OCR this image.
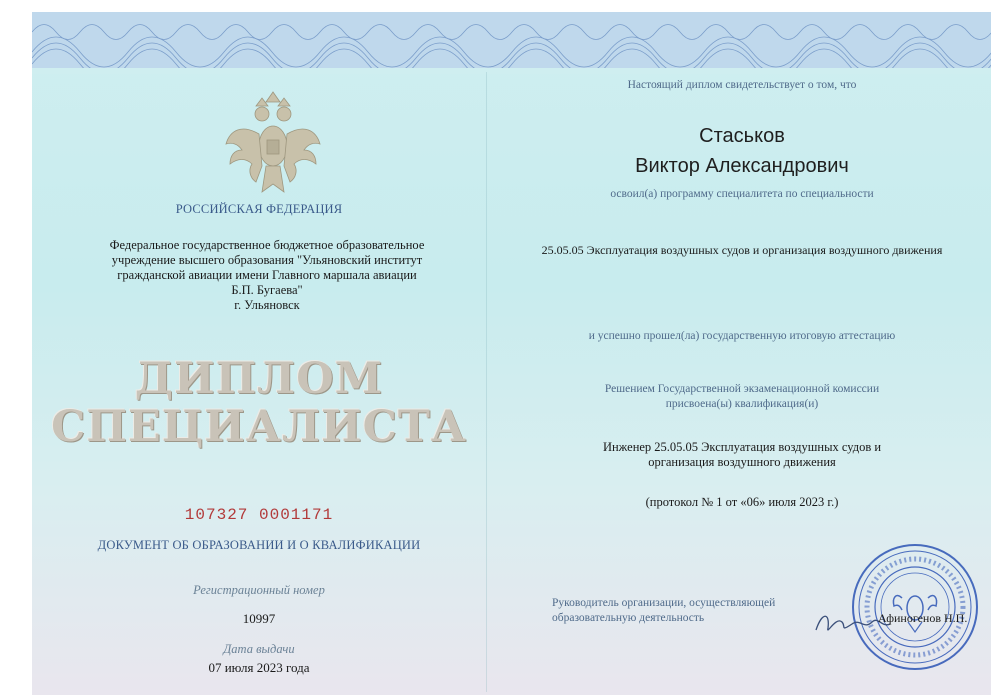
РОССИЙСКАЯ ФЕДЕРАЦИЯ
Федеральное государственное бюджетное образовательное
учреждение высшего образования "Ульяновский институт
гражданской авиации имени Главного маршала авиации
Б.П. Бугаева"
г. Ульяновск
ДИПЛОМ
СПЕЦИАЛИСТА
107327 0001171
ДОКУМЕНТ ОБ ОБРАЗОВАНИИ И О КВАЛИФИКАЦИИ
Регистрационный номер
10997
Дата выдачи
07 июля 2023 года
Настоящий диплом свидетельствует о том, что
Стаськов
Виктор Александрович
освоил(а) программу специалитета по специальности
25.05.05 Эксплуатация воздушных судов и организация воздушного движения
и успешно прошел(ла) государственную итоговую аттестацию
Решением Государственной экзаменационной комиссии
присвоена(ы) квалификация(и)
Инженер 25.05.05 Эксплуатация воздушных судов и
организация воздушного движения
(протокол № 1 от «06» июля 2023 г.)
Руководитель организации, осуществляющей
образовательную деятельность	Афиногенов Н.П.
